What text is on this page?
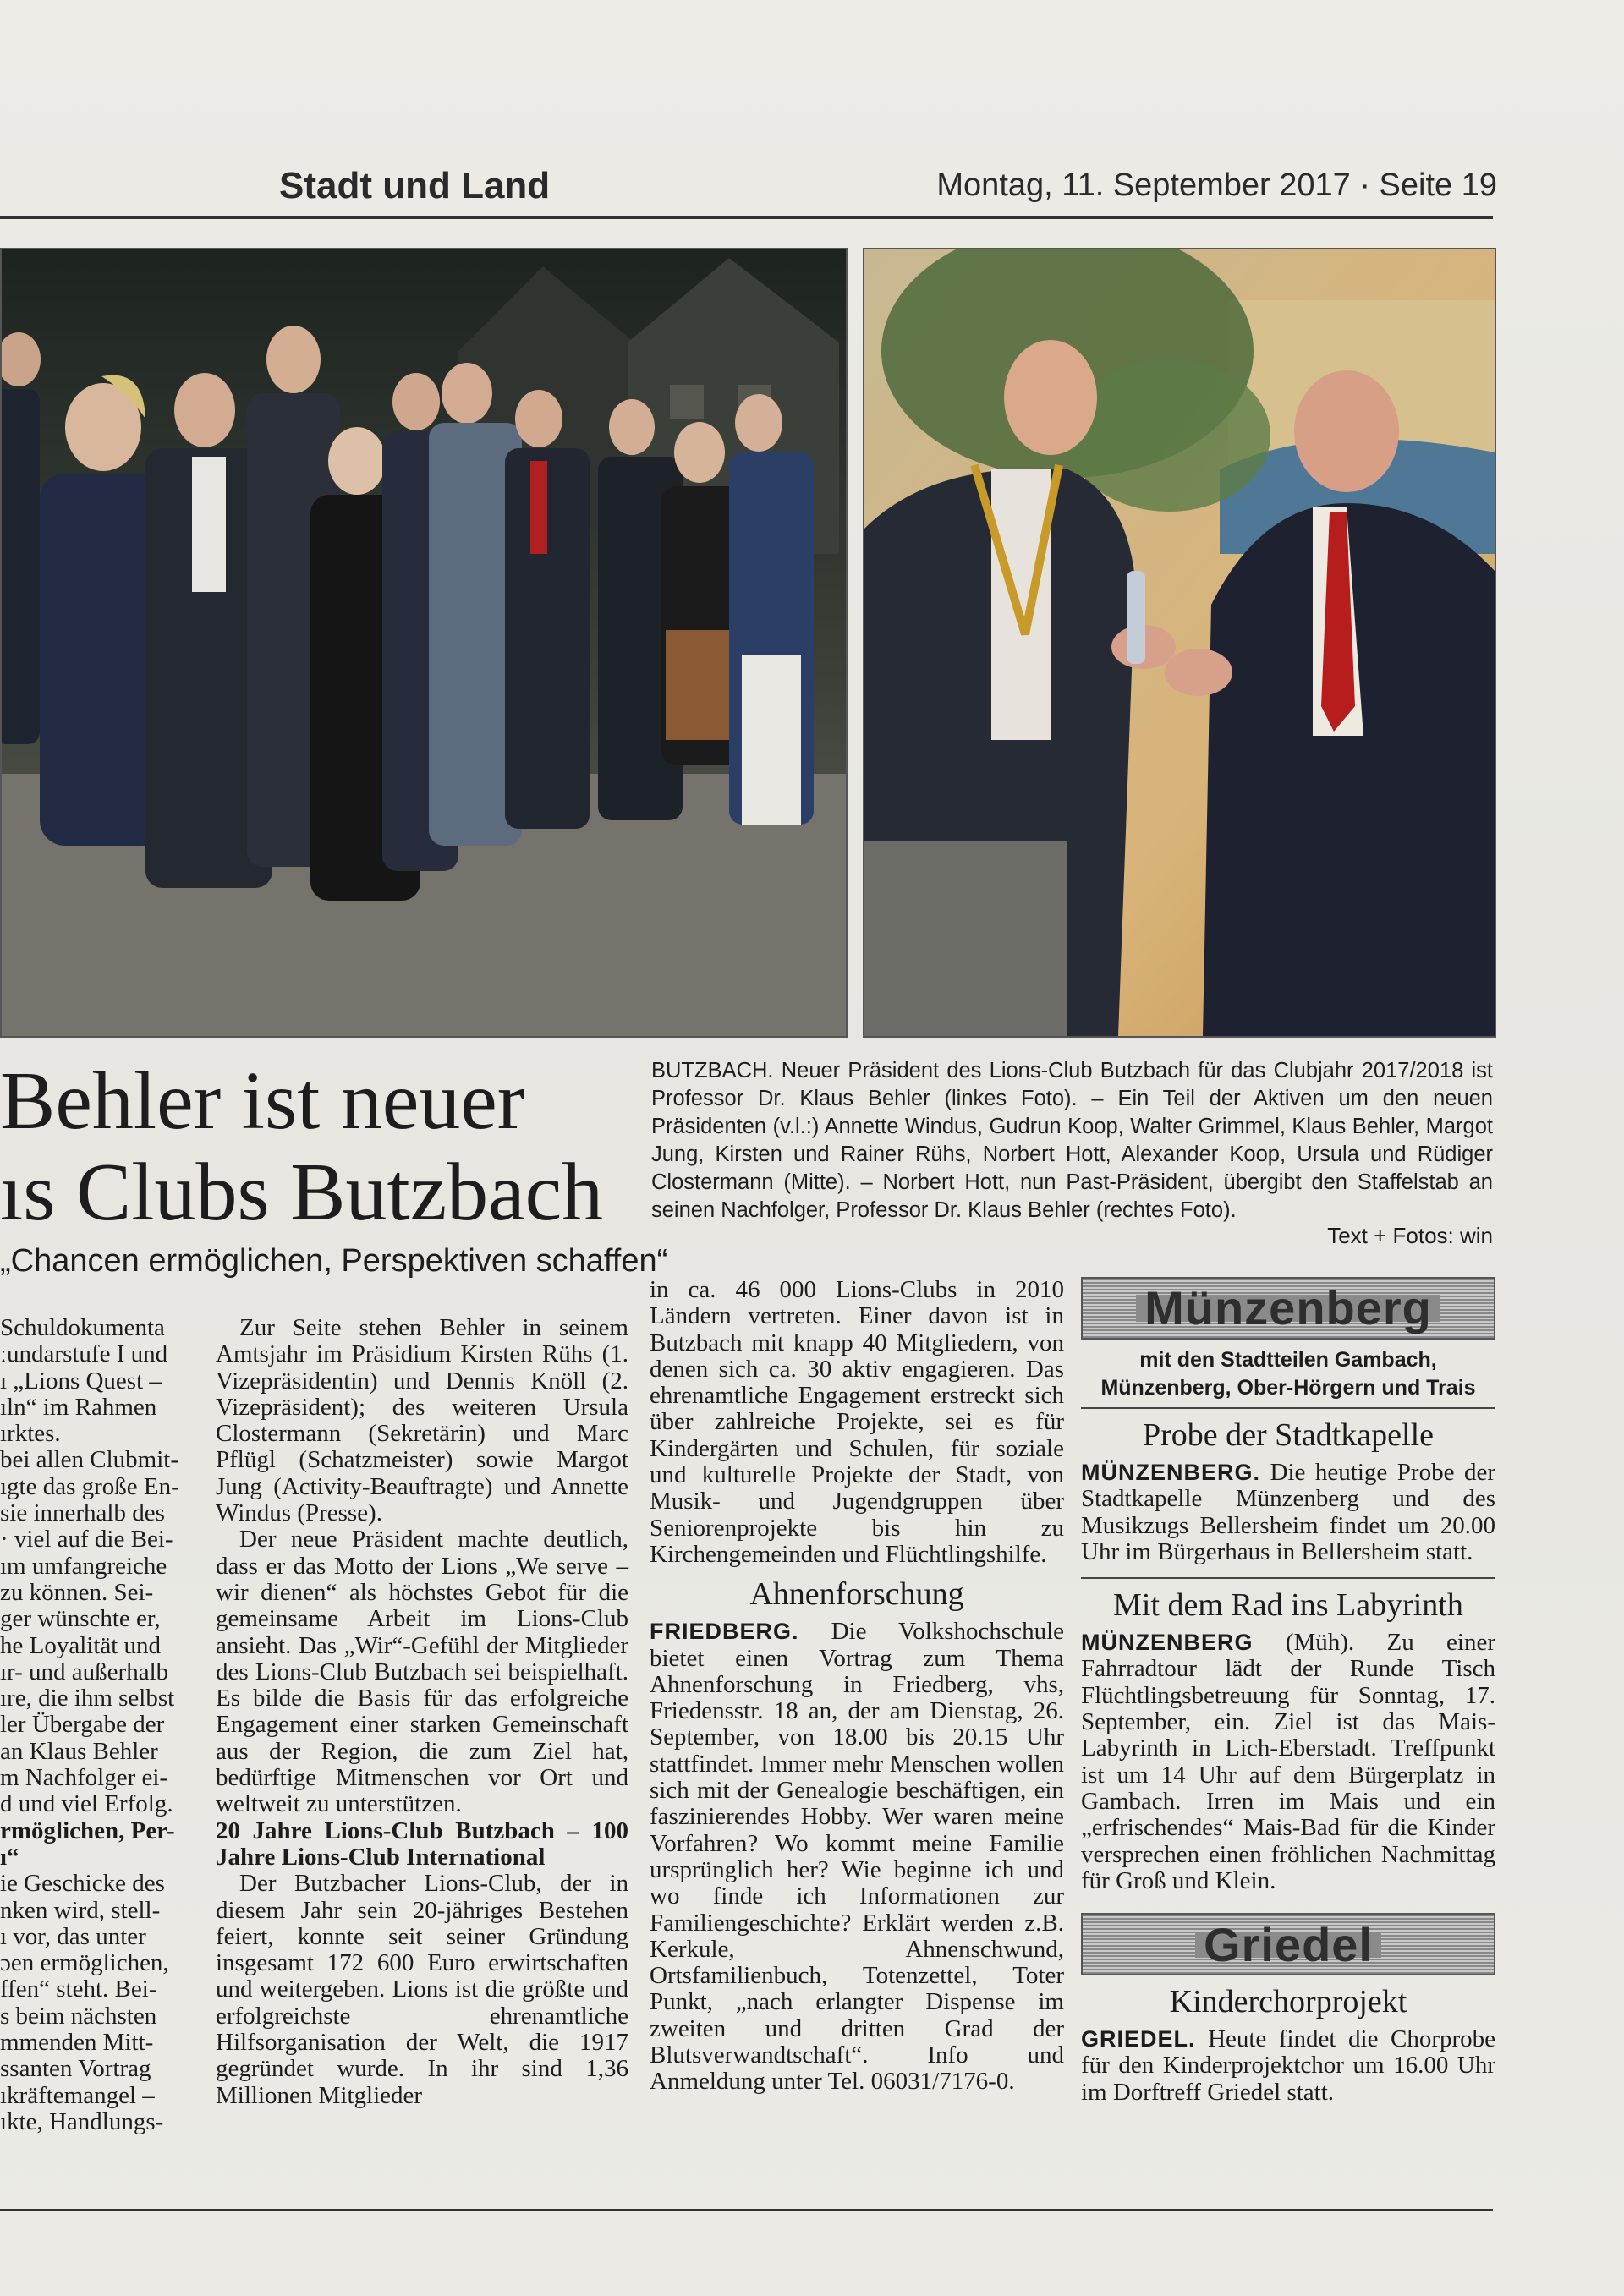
Stadt und Land	Montag, 11. September 2017 · Seite 19
Behler ist neuer
ıs Clubs Butzbach
„Chancen ermöglichen, Perspektiven schaffen“
BUTZBACH. Neuer Präsident des Lions-Club Butzbach für das Clubjahr 2017/2018 ist Professor Dr. Klaus Behler (linkes Foto). – Ein Teil der Aktiven um den neuen Präsidenten (v.l.:) Annette Windus, Gudrun Koop, Walter Grimmel, Klaus Behler, Margot Jung, Kirsten und Rainer Rühs, Norbert Hott, Alexander Koop, Ursula und Rüdiger Clostermann (Mitte). – Norbert Hott, nun Past-Präsident, übergibt den Staffelstab an seinen Nachfolger, Professor Dr. Klaus Behler (rechtes Foto).
Text + Fotos: win
Schuldokumenta
ːundarstufe I und
ı „Lions Quest –
ıln“ im Rahmen
ırktes.
bei allen Clubmit-
ıgte das große En-
sie innerhalb des
· viel auf die Bei-
ım umfangreiche
zu können. Sei-
ger wünschte er,
he Loyalität und
ır- und außerhalb
ıre, die ihm selbst
ler Übergabe der
an Klaus Behler
m Nachfolger ei-
d und viel Erfolg.
rmöglichen, Per-
ı“
ie Geschicke des
nken wird, stell-
ı vor, das unter
ɔen ermöglichen,
ffen“ steht. Bei-
s beim nächsten
mmenden Mitt-
ssanten Vortrag
ıkräftemangel –
ıkte, Handlungs-

Zur Seite stehen Behler in seinem Amtsjahr im Präsidium Kirsten Rühs (1. Vizepräsidentin) und Dennis Knöll (2. Vizepräsident); des weiteren Ursula Clostermann (Sekretärin) und Marc Pflügl (Schatzmeister) sowie Margot Jung (Activity-Beauftragte) und Annette Windus (Presse).

Der neue Präsident machte deutlich, dass er das Motto der Lions „We serve – wir dienen“ als höchstes Gebot für die gemeinsame Arbeit im Lions-Club ansieht. Das „Wir“-Gefühl der Mitglieder des Lions-Club Butzbach sei beispielhaft. Es bilde die Basis für das erfolgreiche Engagement einer starken Gemeinschaft aus der Region, die zum Ziel hat, bedürftige Mitmenschen vor Ort und weltweit zu unterstützen.

20 Jahre Lions-Club Butzbach – 100 Jahre Lions-Club International

Der Butzbacher Lions-Club, der in diesem Jahr sein 20-jähriges Bestehen feiert, konnte seit seiner Gründung insgesamt 172 600 Euro erwirtschaften und weitergeben. Lions ist die größte und erfolgreichste ehrenamtliche Hilfsorganisation der Welt, die 1917 gegründet wurde. In ihr sind 1,36 Millionen Mitglieder

in ca. 46 000 Lions-Clubs in 2010 Ländern vertreten. Einer davon ist in Butzbach mit knapp 40 Mitgliedern, von denen sich ca. 30 aktiv engagieren. Das ehrenamtliche Engagement erstreckt sich über zahlreiche Projekte, sei es für Kindergärten und Schulen, für soziale und kulturelle Projekte der Stadt, von Musik- und Jugendgruppen über Seniorenprojekte bis hin zu Kirchengemeinden und Flüchtlingshilfe.

Ahnenforschung

FRIEDBERG. Die Volkshochschule bietet einen Vortrag zum Thema Ahnenforschung in Friedberg, vhs, Friedensstr. 18 an, der am Dienstag, 26. September, von 18.00 bis 20.15 Uhr stattfindet. Immer mehr Menschen wollen sich mit der Genealogie beschäftigen, ein faszinierendes Hobby. Wer waren meine Vorfahren? Wo kommt meine Familie ursprünglich her? Wie beginne ich und wo finde ich Informationen zur Familiengeschichte? Erklärt werden z.B. Kerkule, Ahnenschwund, Ortsfamilienbuch, Totenzettel, Toter Punkt, „nach erlangter Dispense im zweiten und dritten Grad der Blutsverwandtschaft“. Info und Anmeldung unter Tel. 06031/7176-0.

Münzenberg
mit den Stadtteilen Gambach, Münzenberg, Ober-Hörgern und Trais
Probe der Stadtkapelle

MÜNZENBERG. Die heutige Probe der Stadtkapelle Münzenberg und des Musikzugs Bellersheim findet um 20.00 Uhr im Bürgerhaus in Bellersheim statt.

Mit dem Rad ins Labyrinth

MÜNZENBERG (Müh). Zu einer Fahrradtour lädt der Runde Tisch Flüchtlingsbetreuung für Sonntag, 17. September, ein. Ziel ist das Mais-Labyrinth in Lich-Eberstadt. Treffpunkt ist um 14 Uhr auf dem Bürgerplatz in Gambach. Irren im Mais und ein „erfrischendes“ Mais-Bad für die Kinder versprechen einen fröhlichen Nachmittag für Groß und Klein.

Griedel
Kinderchorprojekt

GRIEDEL. Heute findet die Chorprobe für den Kinderprojektchor um 16.00 Uhr im Dorftreff Griedel statt.
